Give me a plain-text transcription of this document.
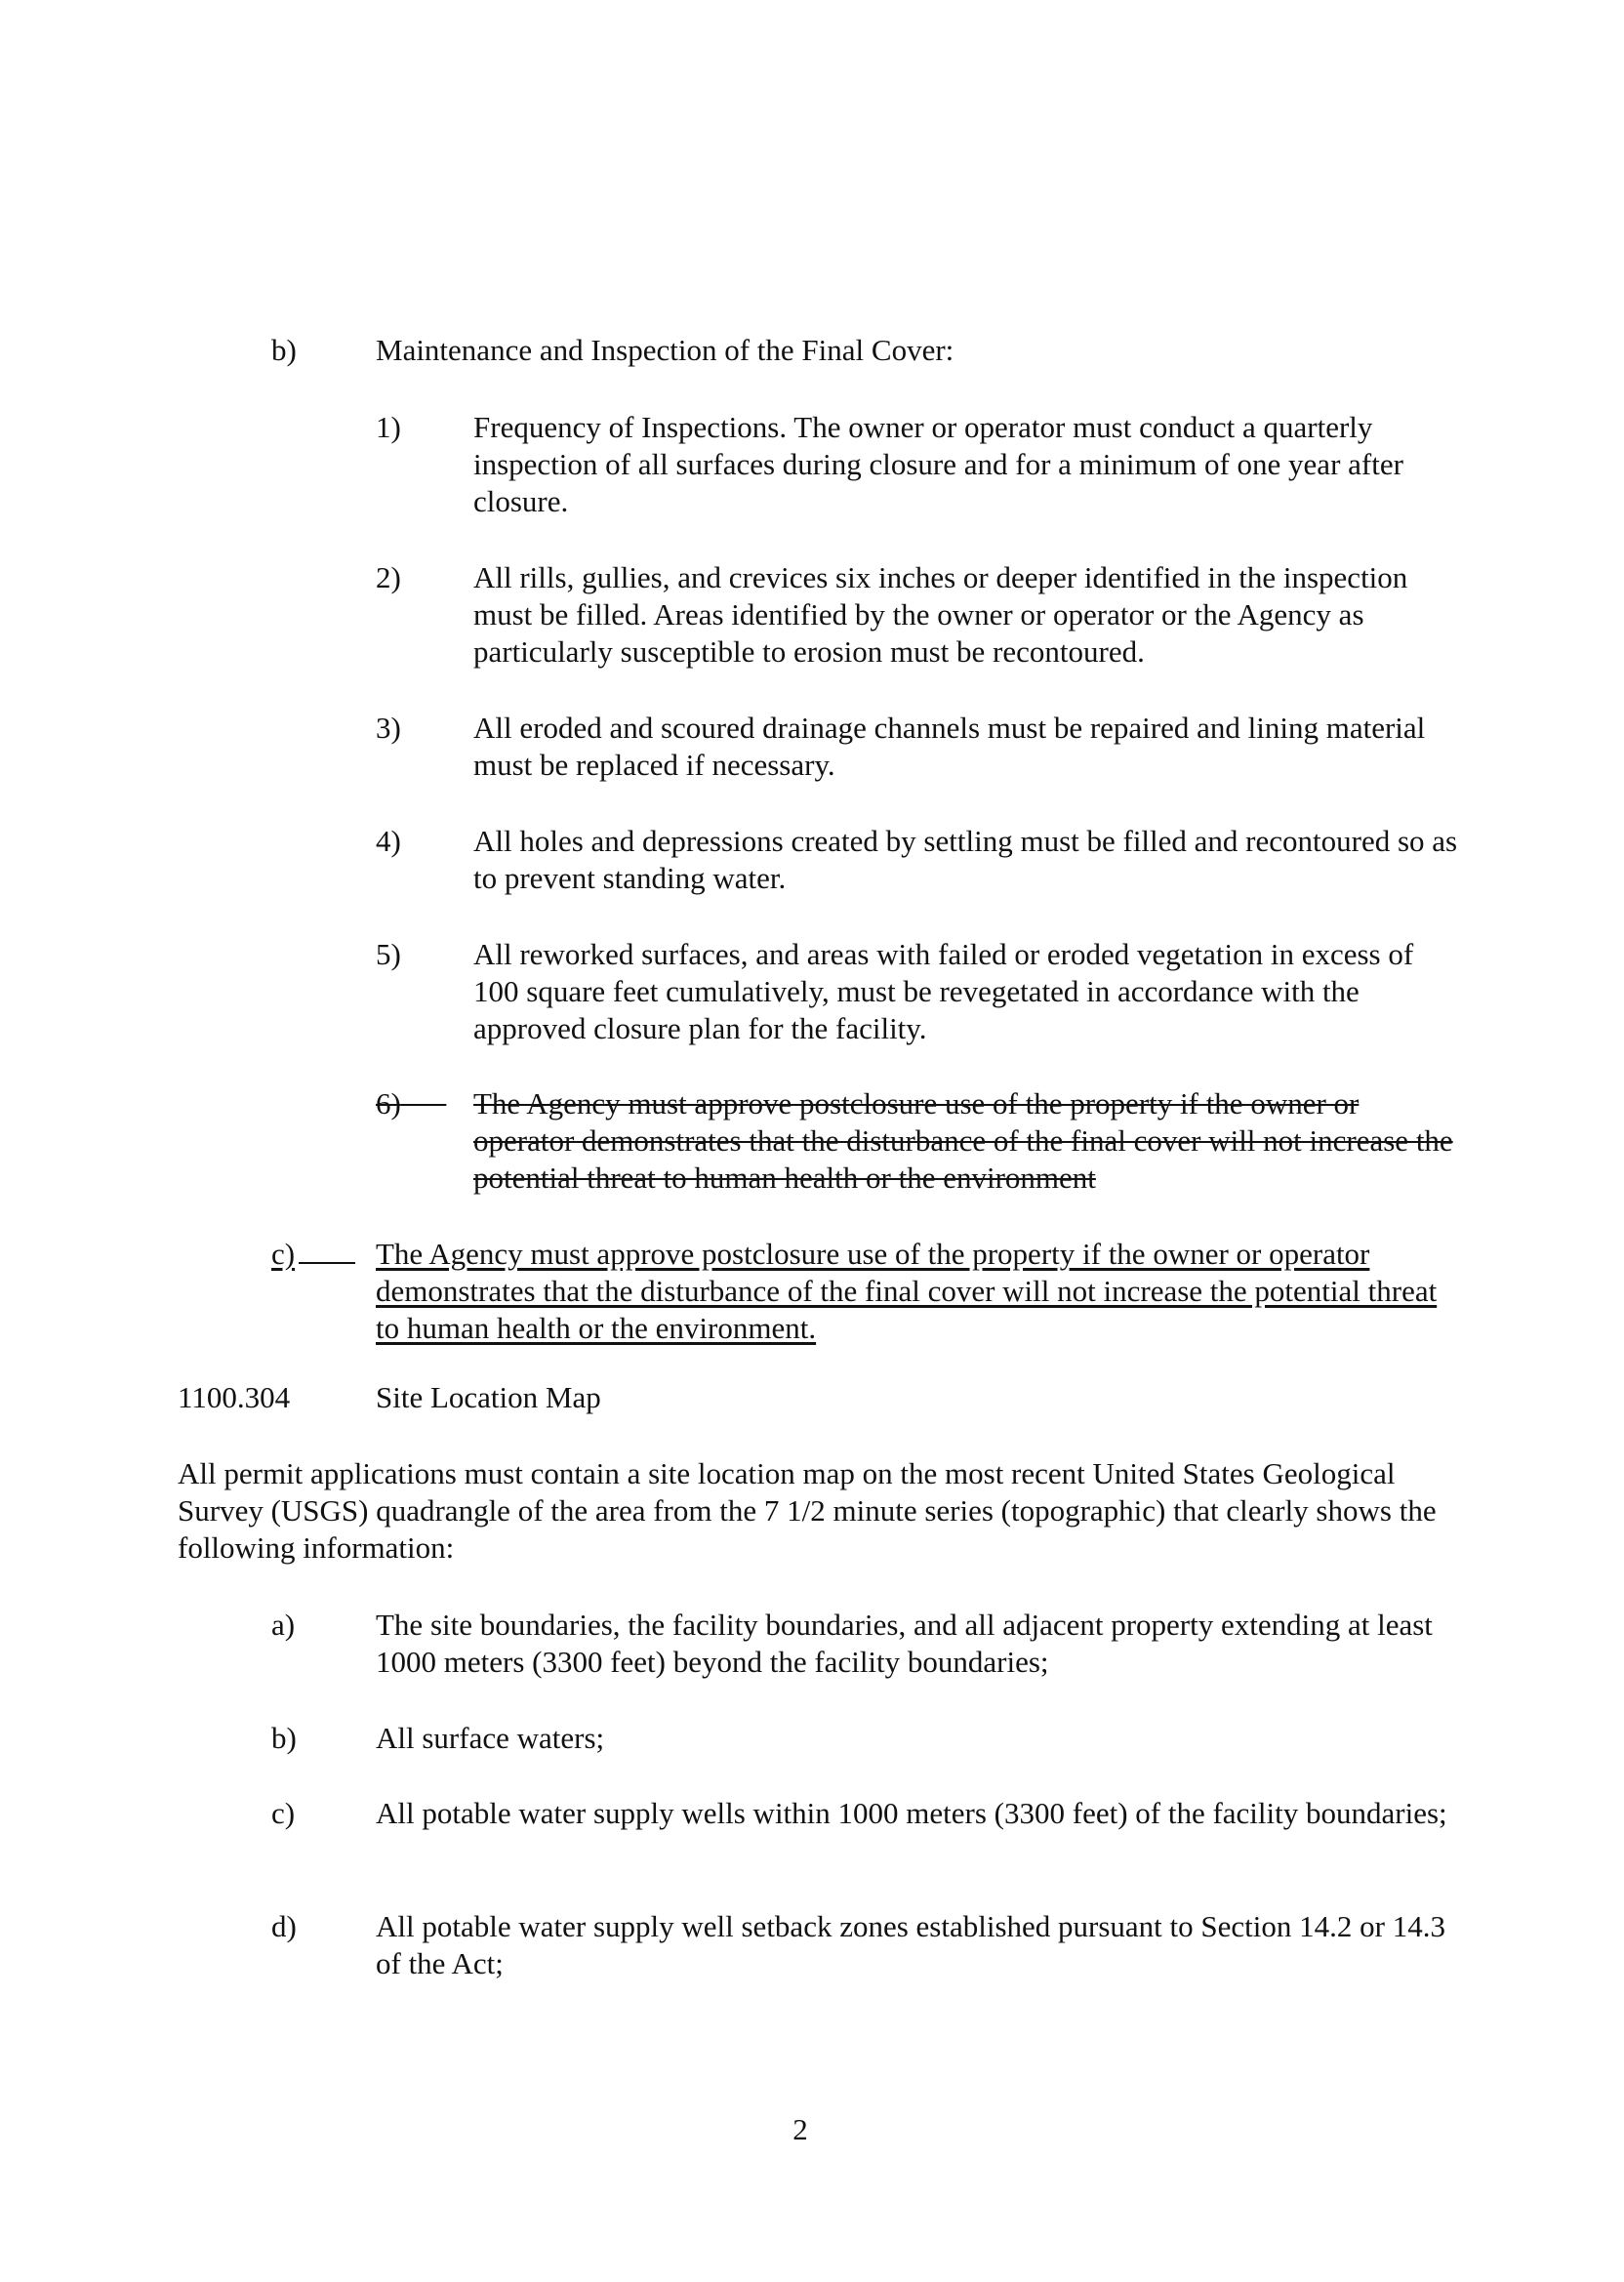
b)	Maintenance and Inspection of the Final Cover:
1) Frequency of Inspections. The owner or operator must conduct a quarterly inspection of all surfaces during closure and for a minimum of one year after closure.
2) All rills, gullies, and crevices six inches or deeper identified in the inspection must be filled. Areas identified by the owner or operator or the Agency as particularly susceptible to erosion must be recontoured.
3) All eroded and scoured drainage channels must be repaired and lining material must be replaced if necessary.
4) All holes and depressions created by settling must be filled and recontoured so as to prevent standing water.
5) All reworked surfaces, and areas with failed or eroded vegetation in excess of 100 square feet cumulatively, must be revegetated in accordance with the approved closure plan for the facility.
6)	The Agency must approve postclosure use of the property if the owner or operator demonstrates that the disturbance of the final cover will not increase the potential threat to human health or the environment
c)	The Agency must approve postclosure use of the property if the owner or operator demonstrates that the disturbance of the final cover will not increase the potential threat to human health or the environment.
1100.304	Site Location Map
All permit applications must contain a site location map on the most recent United States Geological Survey (USGS) quadrangle of the area from the 7 1/2 minute series (topographic) that clearly shows the following information:
a)	The site boundaries, the facility boundaries, and all adjacent property extending at least 1000 meters (3300 feet) beyond the facility boundaries;
b)	All surface waters;
c)	All potable water supply wells within 1000 meters (3300 feet) of the facility boundaries;
d)	All potable water supply well setback zones established pursuant to Section 14.2 or 14.3 of the Act;
2
